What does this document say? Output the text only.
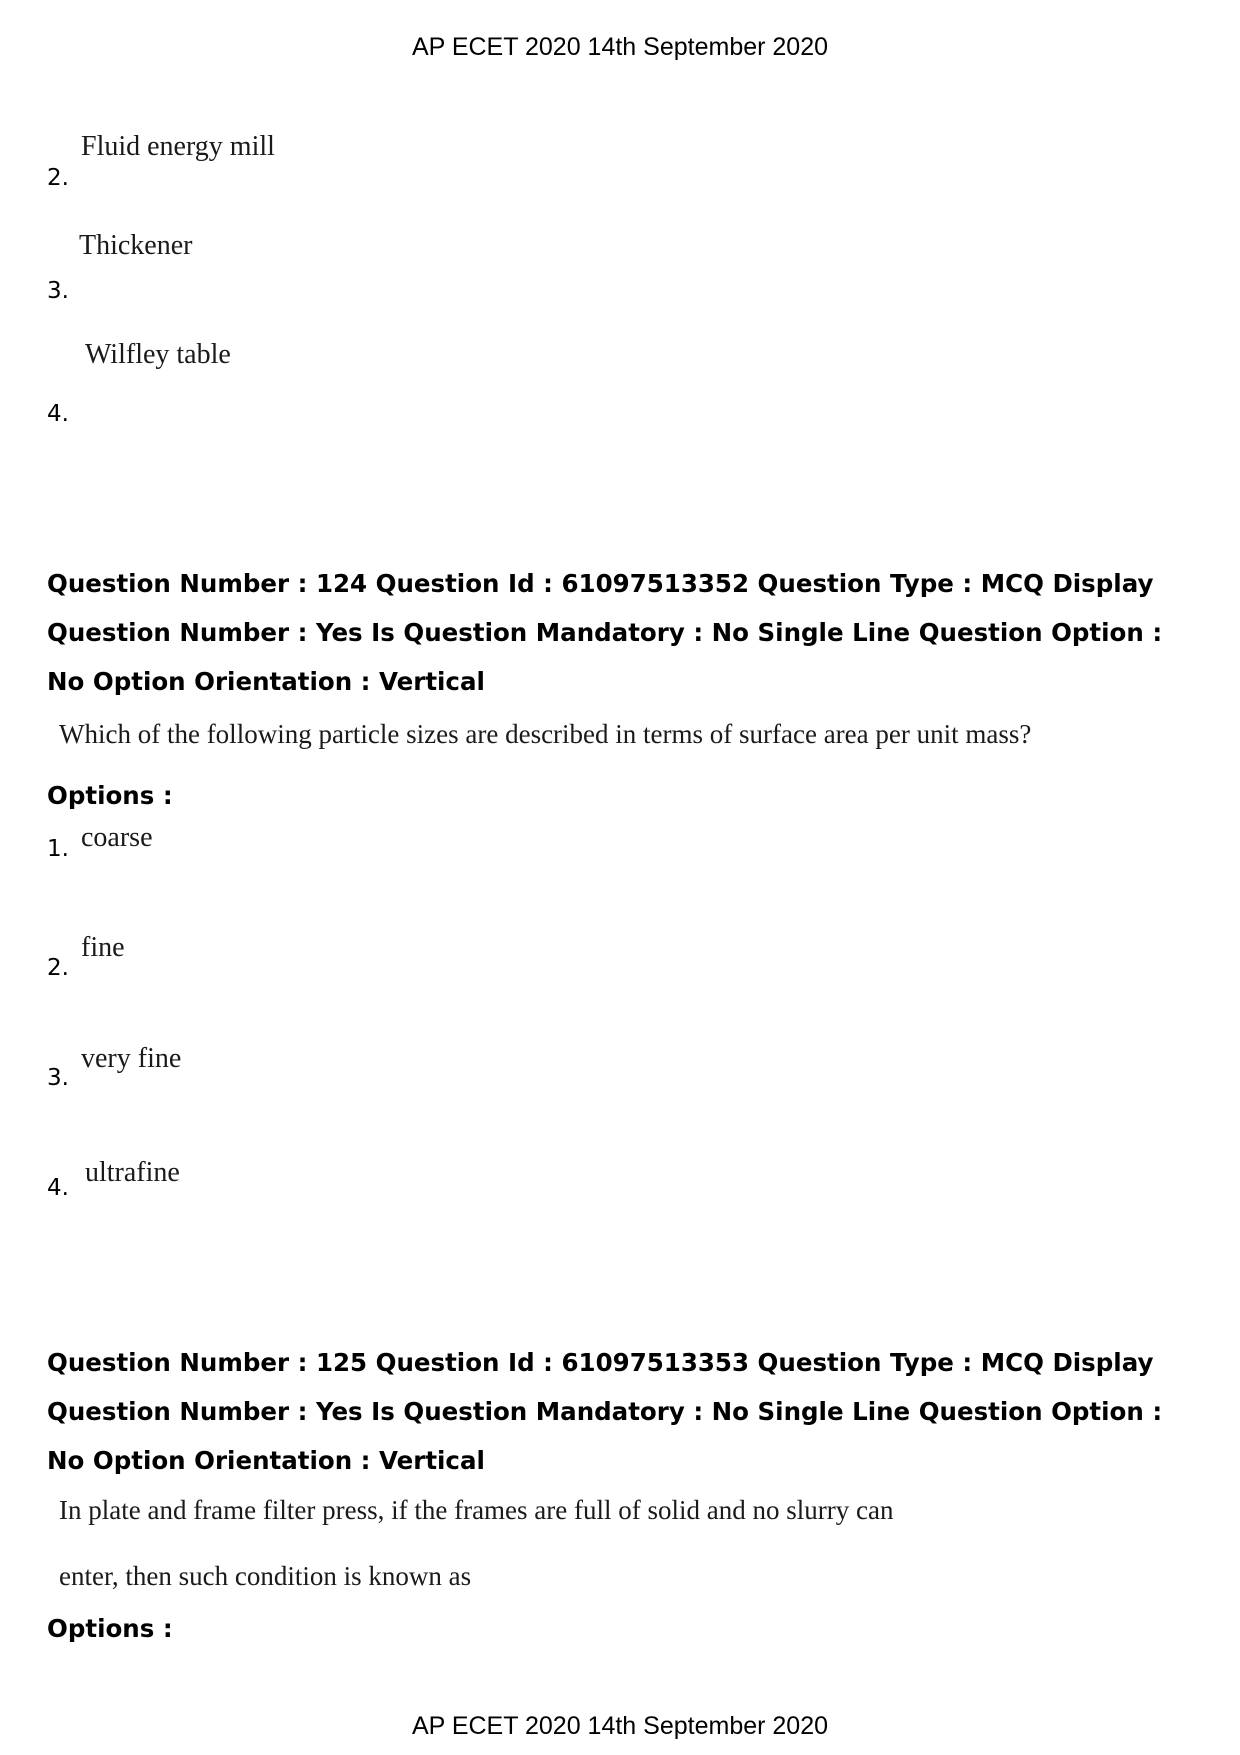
AP ECET 2020 14th September 2020
2.
Fluid energy mill
3.
Thickener
4.
Wilfley table
Question Number : 124 Question Id : 61097513352 Question Type : MCQ Display Question Number : Yes Is Question Mandatory : No Single Line Question Option : No Option Orientation : Vertical
Which of the following particle sizes are described in terms of surface area per unit mass?
Options :
1. coarse
2.
fine
3.
very fine
4. ultrafine
Question Number : 125 Question Id : 61097513353 Question Type : MCQ Display Question Number : Yes Is Question Mandatory : No Single Line Question Option : No Option Orientation : Vertical
In plate and frame filter press, if the frames are full of solid and no slurry can
enter, then such condition is known as
Options :
AP ECET 2020 14th September 2020
